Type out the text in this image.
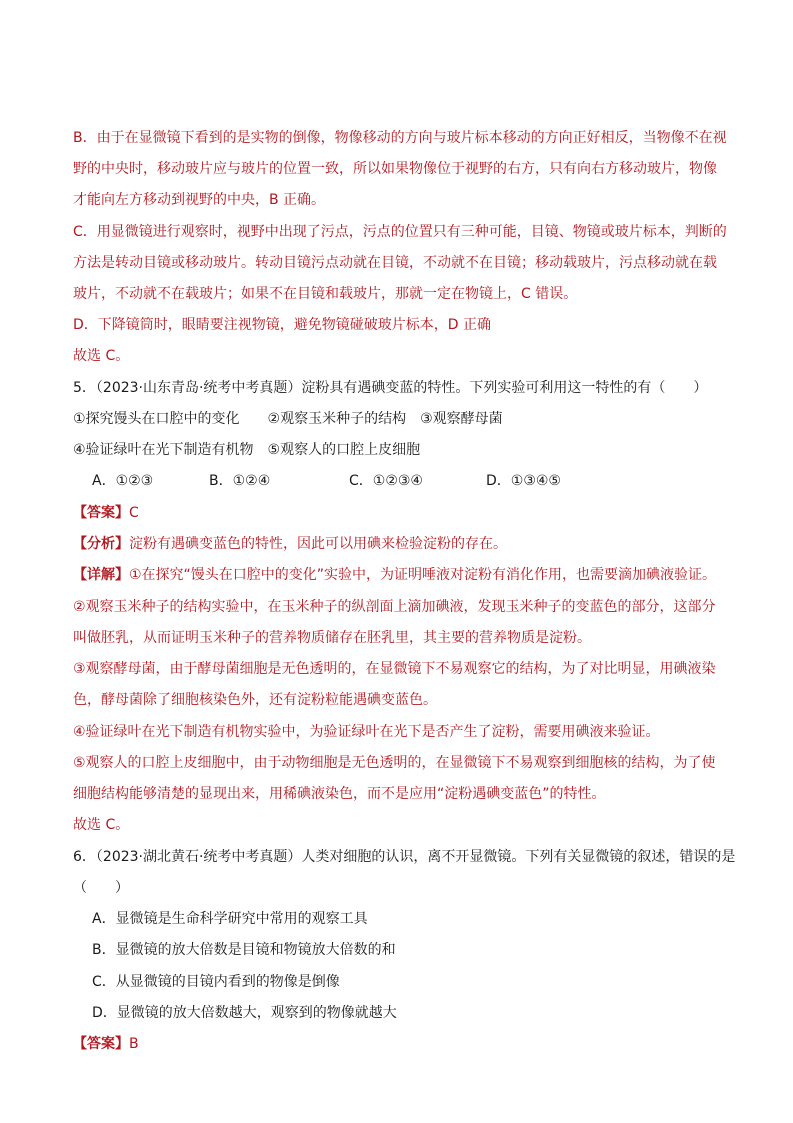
B．由于在显微镜下看到的是实物的倒像，物像移动的方向与玻片标本移动的方向正好相反，当物像不在视
野的中央时，移动玻片应与玻片的位置一致，所以如果物像位于视野的右方，只有向右方移动玻片，物像
才能向左方移动到视野的中央，B 正确。
C．用显微镜进行观察时，视野中出现了污点，污点的位置只有三种可能，目镜、物镜或玻片标本，判断的
方法是转动目镜或移动玻片。转动目镜污点动就在目镜，不动就不在目镜；移动载玻片，污点移动就在载
玻片，不动就不在载玻片；如果不在目镜和载玻片，那就一定在物镜上，C 错误。
D．下降镜筒时，眼睛要注视物镜，避免物镜碰破玻片标本，D 正确
故选 C。
5．（2023·山东青岛·统考中考真题）淀粉具有遇碘变蓝的特性。下列实验可利用这一特性的有（　　）
①探究馒头在口腔中的变化　　②观察玉米种子的结构　③观察酵母菌
④验证绿叶在光下制造有机物　⑤观察人的口腔上皮细胞
A．①②③	B．①②④	C．①②③④	D．①③④⑤
【答案】C
【分析】淀粉有遇碘变蓝色的特性，因此可以用碘来检验淀粉的存在。
【详解】①在探究“馒头在口腔中的变化”实验中，为证明唾液对淀粉有消化作用，也需要滴加碘液验证。
②观察玉米种子的结构实验中，在玉米种子的纵剖面上滴加碘液，发现玉米种子的变蓝色的部分，这部分
叫做胚乳，从而证明玉米种子的营养物质储存在胚乳里，其主要的营养物质是淀粉。
③观察酵母菌，由于酵母菌细胞是无色透明的，在显微镜下不易观察它的结构，为了对比明显，用碘液染
色，酵母菌除了细胞核染色外，还有淀粉粒能遇碘变蓝色。
④验证绿叶在光下制造有机物实验中，为验证绿叶在光下是否产生了淀粉，需要用碘液来验证。
⑤观察人的口腔上皮细胞中，由于动物细胞是无色透明的，在显微镜下不易观察到细胞核的结构，为了使
细胞结构能够清楚的显现出来，用稀碘液染色，而不是应用“淀粉遇碘变蓝色”的特性。
故选 C。
6．（2023·湖北黄石·统考中考真题）人类对细胞的认识，离不开显微镜。下列有关显微镜的叙述，错误的是
（　　）
A．显微镜是生命科学研究中常用的观察工具
B．显微镜的放大倍数是目镜和物镜放大倍数的和
C．从显微镜的目镜内看到的物像是倒像
D．显微镜的放大倍数越大，观察到的物像就越大
【答案】B
